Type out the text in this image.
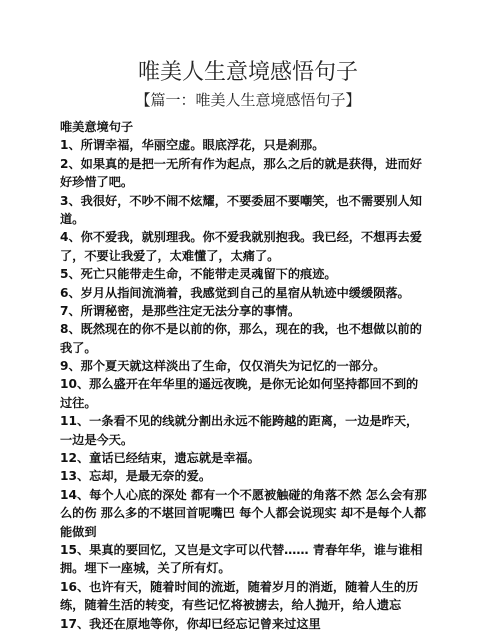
唯美人生意境感悟句子
【篇一：唯美人生意境感悟句子】
唯美意境句子
1、所谓幸福，华丽空虚。眼底浮花，只是刹那。
2、如果真的是把一无所有作为起点，那么之后的就是获得，进而好
好珍惜了吧。
3、我很好，不吵不闹不炫耀，不要委屈不要嘲笑，也不需要别人知
道。
4、你不爱我，就别理我。你不爱我就别抱我。我已经，不想再去爱
了，不要让我爱了，太难懂了，太痛了。
5、死亡只能带走生命，不能带走灵魂留下的痕迹。
6、岁月从指间流淌着，我感觉到自己的星宿从轨迹中缓缓陨落。
7、所谓秘密，是那些注定无法分享的事情。
8、既然现在的你不是以前的你，那么，现在的我，也不想做以前的
我了。
9、那个夏天就这样淡出了生命，仅仅消失为记忆的一部分。
10、那么盛开在年华里的遥远夜晚，是你无论如何坚持都回不到的
过往。
11、一条看不见的线就分割出永远不能跨越的距离，一边是昨天，
一边是今天。
12、童话已经结束，遗忘就是幸福。
13、忘却，是最无奈的爱。
14、每个人心底的深处 都有一个不愿被触碰的角落不然 怎么会有那
么的伤 那么多的不堪回首呢嘴巴 每个人都会说现实 却不是每个人都
能做到
15、果真的要回忆，又岂是文字可以代替…… 青春年华，谁与谁相
拥。埋下一座城，关了所有灯。
16、也许有天，随着时间的流逝，随着岁月的消逝，随着人生的历
练，随着生活的转变，有些记忆将被掳去，给人抛开，给人遗忘
17、我还在原地等你，你却已经忘记曾来过这里
